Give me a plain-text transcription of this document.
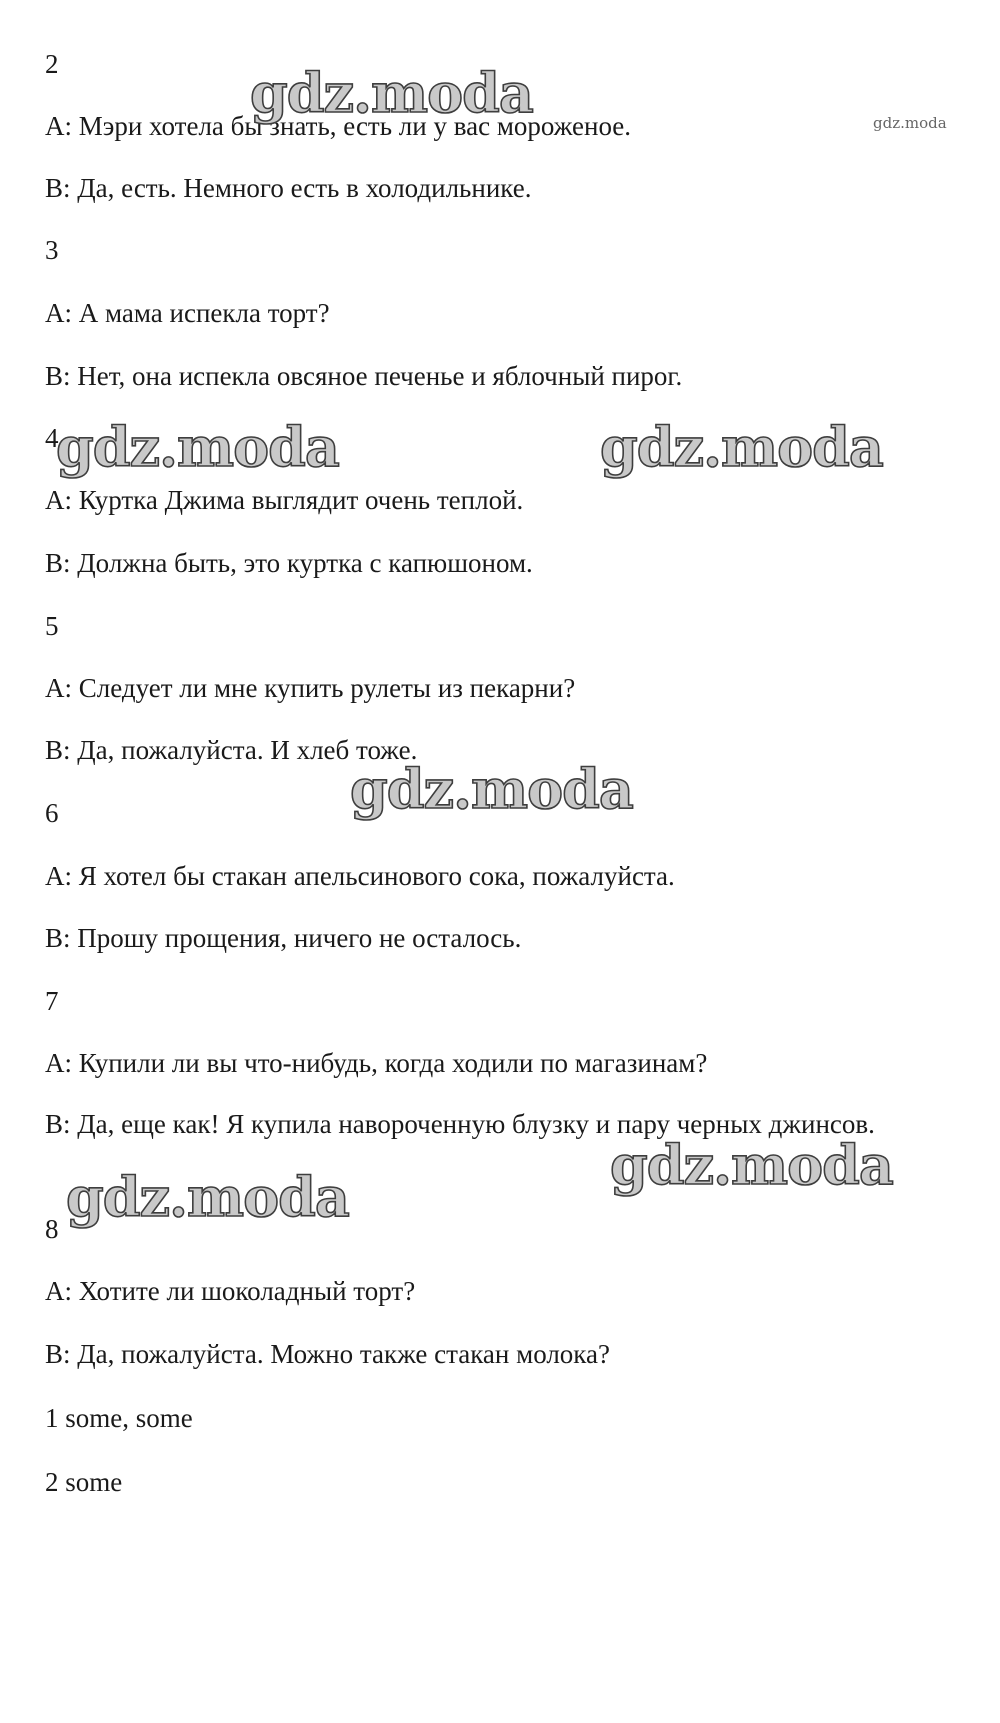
2
A: Мэри хотела бы знать, есть ли у вас мороженое.
B: Да, есть. Немного есть в холодильнике.
3
A: А мама испекла торт?
B: Нет, она испекла овсяное печенье и яблочный пирог.
4
A: Куртка Джима выглядит очень теплой.
B: Должна быть, это куртка с капюшоном.
5
A: Следует ли мне купить рулеты из пекарни?
B: Да, пожалуйста. И хлеб тоже.
6
A: Я хотел бы стакан апельсинового сока, пожалуйста.
B: Прошу прощения, ничего не осталось.
7
A: Купили ли вы что-нибудь, когда ходили по магазинам?
B: Да, еще как! Я купила навороченную блузку и пару черных джинсов.
8
A: Хотите ли шоколадный торт?
B: Да, пожалуйста. Можно также стакан молока?
1 some, some
2 some
gdz.moda	gdz.moda
gdz.moda	gdz.moda
gdz.moda
gdz.moda
gdz.moda
